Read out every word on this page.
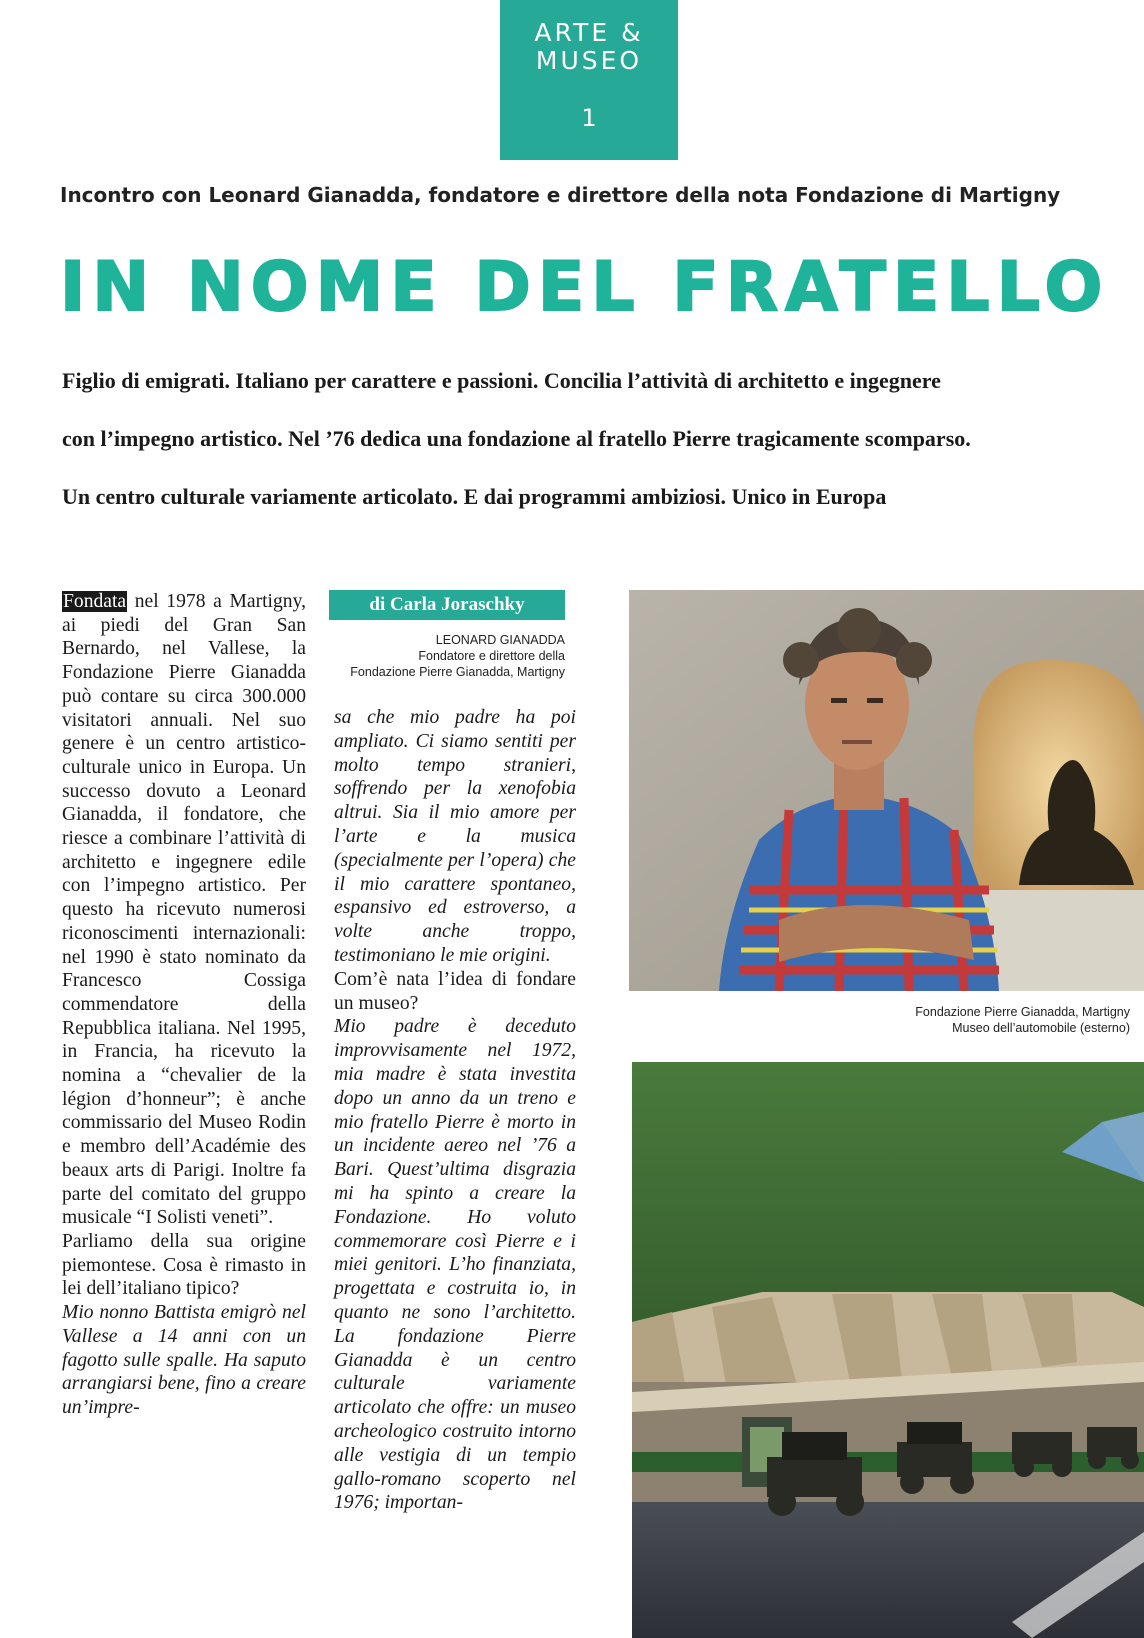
ARTE &
MUSEO
1
Incontro con Leonard Gianadda, fondatore e direttore della nota Fondazione di Martigny
IN NOME DEL FRATELLO
Figlio di emigrati. Italiano per carattere e passioni. Concilia l’attività di architetto e ingegnere
con l’impegno artistico. Nel ’76 dedica una fondazione al fratello Pierre tragicamente scomparso.
Un centro culturale variamente articolato. E dai programmi ambiziosi. Unico in Europa

Fondata nel 1978 a Martigny, ai piedi del Gran San Bernardo, nel Vallese, la Fondazione Pierre Gianadda può contare su circa 300.000 visitatori annuali. Nel suo genere è un centro artistico-culturale unico in Europa. Un successo dovuto a Leonard Gianadda, il fondatore, che riesce a combinare l’attività di architetto e ingegnere edile con l’impegno artistico. Per questo ha ricevuto numerosi riconoscimenti internazionali: nel 1990 è stato nominato da Francesco Cossiga commendatore della Repubblica italiana. Nel 1995, in Francia, ha ricevuto la nomina a “chevalier de la légion d’honneur”; è anche commissario del Museo Rodin e membro dell’Académie des beaux arts di Parigi. Inoltre fa parte del comitato del gruppo musicale “I Solisti veneti”.

Parliamo della sua origine piemontese. Cosa è rimasto in lei dell’italiano tipico?

Mio nonno Battista emigrò nel Vallese a 14 anni con un fagotto sulle spalle. Ha saputo arrangiarsi bene, fino a creare un’impre-

di Carla Joraschky
LEONARD GIANADDA
Fondatore e direttore della
Fondazione Pierre Gianadda, Martigny

sa che mio padre ha poi ampliato. Ci siamo sentiti per molto tempo stranieri, soffrendo per la xenofobia altrui. Sia il mio amore per l’arte e la musica (specialmente per l’opera) che il mio carattere spontaneo, espansivo ed estroverso, a volte anche troppo, testimoniano le mie origini.

Com’è nata l’idea di fondare un museo?

Mio padre è deceduto improvvisamente nel 1972, mia madre è stata investita dopo un anno da un treno e mio fratello Pierre è morto in un incidente aereo nel ’76 a Bari. Quest’ultima disgrazia mi ha spinto a creare la Fondazione. Ho voluto commemorare così Pierre e i miei genitori. L’ho finanziata, progettata e costruita io, in quanto ne sono l’architetto. La fondazione Pierre Gianadda è un centro culturale variamente articolato che offre: un museo archeologico costruito intorno alle vestigia di un tempio gallo-romano scoperto nel 1976; importan-

Fondazione Pierre Gianadda, Martigny
Museo dell’automobile (esterno)
